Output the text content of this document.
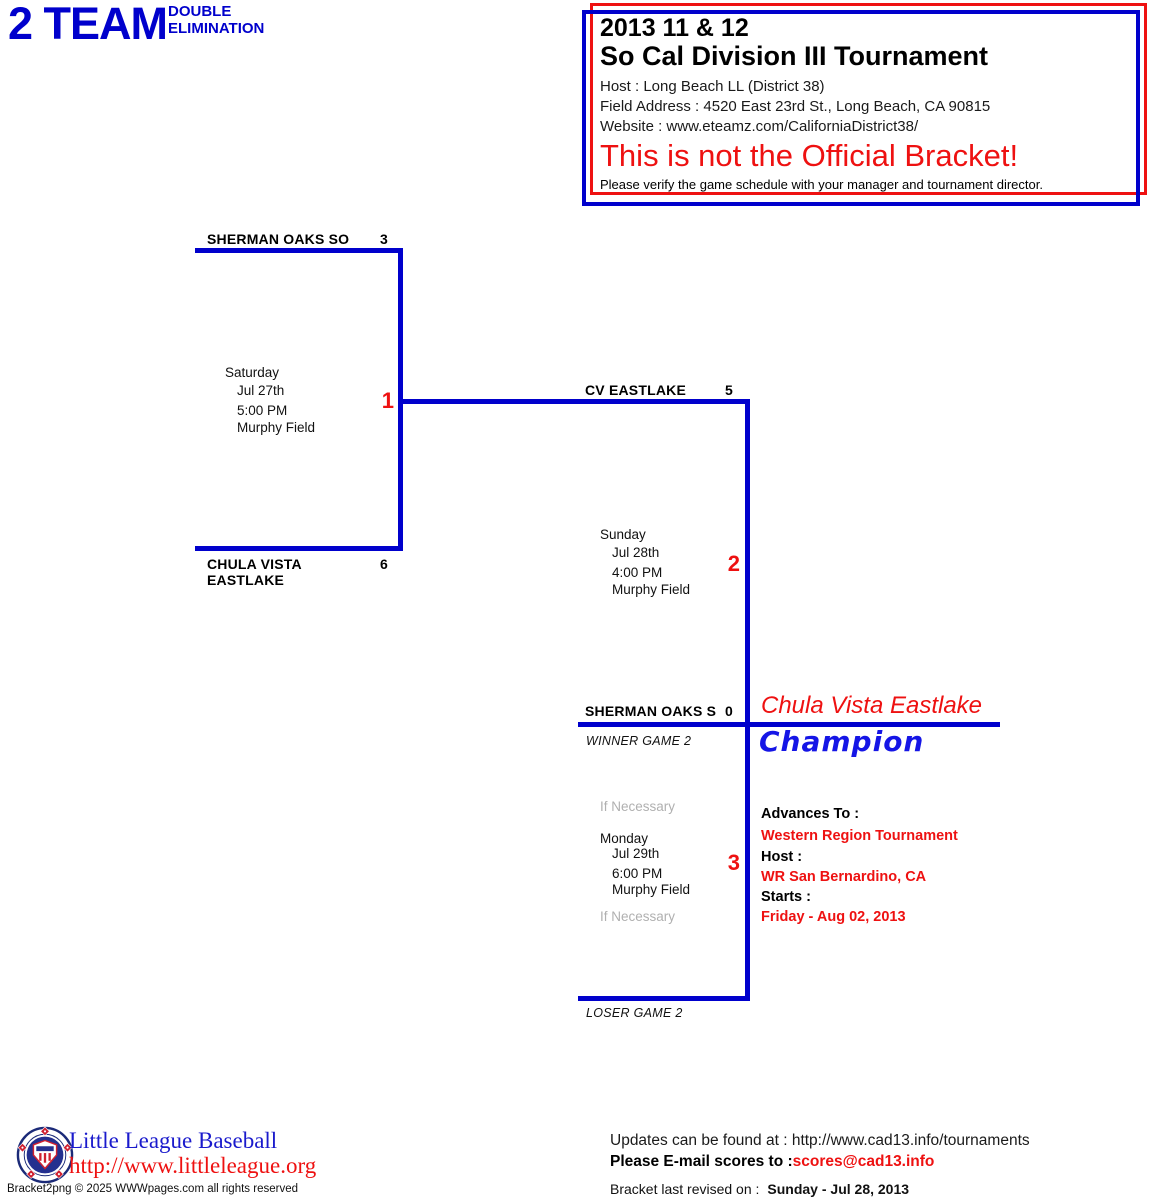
2 TEAM DOUBLE
ELIMINATION	2013 11 & 12
So Cal Division III Tournament
Host : Long Beach LL (District 38)
Field Address : 4520 East 23rd St., Long Beach, CA 90815
Website : www.eteamz.com/CaliforniaDistrict38/
This is not the Official Bracket!
Please verify the game schedule with your manager and tournament director.
SHERMAN OAKS SO 3
CHULA VISTA EASTLAKE
6
Saturday
Jul 27th
5:00 PM
Murphy Field
1	CV EASTLAKE	5
SHERMAN OAKS S 0
Sunday
Jul 28th
4:00 PM
Murphy Field
2
WINNER GAME 2
Chula Vista Eastlake
Champion
If Necessary
Monday
Jul 29th
6:00 PM
Murphy Field
If Necessary
3
LOSER GAME 2
Advances To :
Western Region Tournament
Host :
WR San Bernardino, CA
Starts :
Friday - Aug 02, 2013
Little League Baseball
http://www.littleleague.org
Bracket2png © 2025 WWWpages.com all rights reserved
Updates can be found at : http://www.cad13.info/tournaments
Please E-mail scores to :scores@cad13.info
Bracket last revised on : Sunday - Jul 28, 2013
